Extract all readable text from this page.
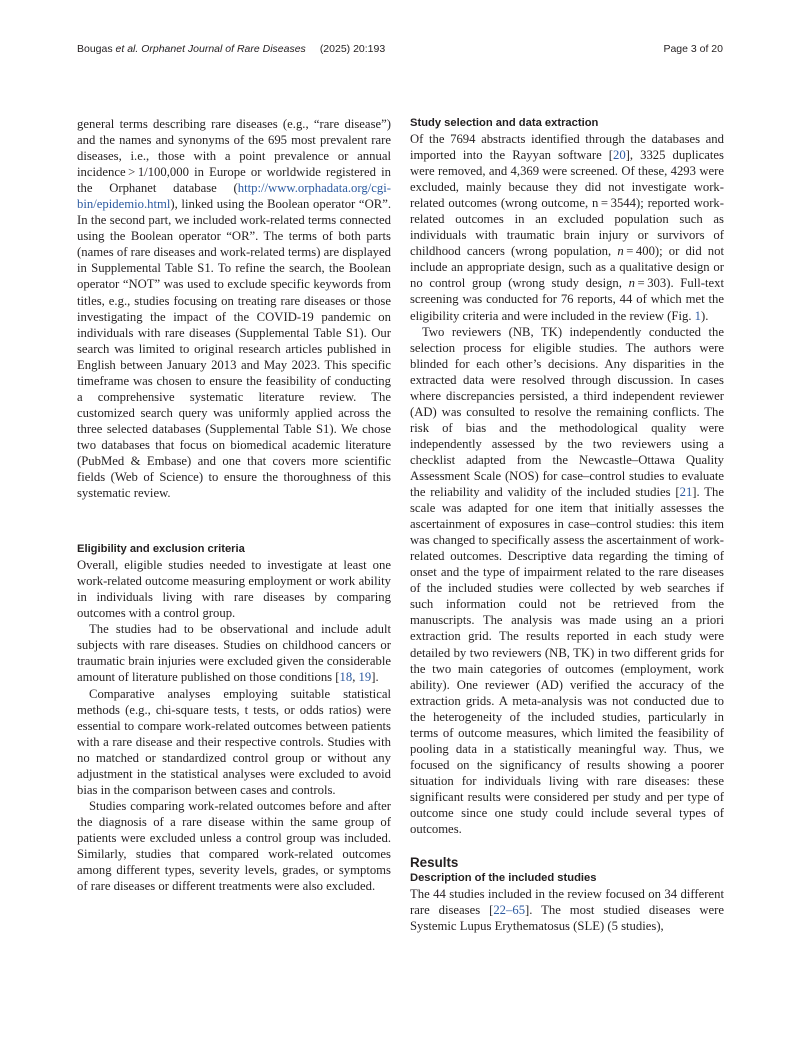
Bougas et al. Orphanet Journal of Rare Diseases (2025) 20:193	Page 3 of 20

general terms describing rare diseases (e.g., “rare disease”) and the names and synonyms of the 695 most prevalent rare diseases, i.e., those with a point prevalence or annual incidence > 1/100,000 in Europe or worldwide registered in the Orphanet database (http://www.orphadata.org/cgi-bin/epidemio.html), linked using the Boolean operator “OR”. In the second part, we included work-related terms connected using the Boolean operator “OR”. The terms of both parts (names of rare diseases and work-related terms) are displayed in Supplemental Table S1. To refine the search, the Boolean operator “NOT” was used to exclude specific keywords from titles, e.g., studies focusing on treating rare diseases or those investigating the impact of the COVID-19 pandemic on individuals with rare diseases (Supplemental Table S1). Our search was limited to original research articles published in English between January 2013 and May 2023. This specific timeframe was chosen to ensure the feasibility of conducting a comprehensive systematic literature review. The customized search query was uniformly applied across the three selected databases (Supplemental Table S1). We chose two databases that focus on biomedical academic literature (PubMed & Embase) and one that covers more scientific fields (Web of Science) to ensure the thoroughness of this systematic review.

Eligibility and exclusion criteria

Overall, eligible studies needed to investigate at least one work-related outcome measuring employment or work ability in individuals living with rare diseases by comparing outcomes with a control group.

The studies had to be observational and include adult subjects with rare diseases. Studies on childhood cancers or traumatic brain injuries were excluded given the considerable amount of literature published on those conditions [18, 19].

Comparative analyses employing suitable statistical methods (e.g., chi-square tests, t tests, or odds ratios) were essential to compare work-related outcomes between patients with a rare disease and their respective controls. Studies with no matched or standardized control group or without any adjustment in the statistical analyses were excluded to avoid bias in the comparison between cases and controls.

Studies comparing work-related outcomes before and after the diagnosis of a rare disease within the same group of patients were excluded unless a control group was included. Similarly, studies that compared work-related outcomes among different types, severity levels, grades, or symptoms of rare diseases or different treatments were also excluded.

Study selection and data extraction

Of the 7694 abstracts identified through the databases and imported into the Rayyan software [20], 3325 duplicates were removed, and 4,369 were screened. Of these, 4293 were excluded, mainly because they did not investigate work-related outcomes (wrong outcome, n = 3544); reported work-related outcomes in an excluded population such as individuals with traumatic brain injury or survivors of childhood cancers (wrong population, n = 400); or did not include an appropriate design, such as a qualitative design or no control group (wrong study design, n = 303). Full-text screening was conducted for 76 reports, 44 of which met the eligibility criteria and were included in the review (Fig. 1).

Two reviewers (NB, TK) independently conducted the selection process for eligible studies. The authors were blinded for each other’s decisions. Any disparities in the extracted data were resolved through discussion. In cases where discrepancies persisted, a third independent reviewer (AD) was consulted to resolve the remaining conflicts. The risk of bias and the methodological quality were independently assessed by the two reviewers using a checklist adapted from the Newcastle–Ottawa Quality Assessment Scale (NOS) for case–control studies to evaluate the reliability and validity of the included studies [21]. The scale was adapted for one item that initially assesses the ascertainment of exposures in case–control studies: this item was changed to specifically assess the ascertainment of work-related outcomes. Descriptive data regarding the timing of onset and the type of impairment related to the rare diseases of the included studies were collected by web searches if such information could not be retrieved from the manuscripts. The analysis was made using an a priori extraction grid. The results reported in each study were detailed by two reviewers (NB, TK) in two different grids for the two main categories of outcomes (employment, work ability). One reviewer (AD) verified the accuracy of the extraction grids. A meta-analysis was not conducted due to the heterogeneity of the included studies, particularly in terms of outcome measures, which limited the feasibility of pooling data in a statistically meaningful way. Thus, we focused on the significancy of results showing a poorer situation for individuals living with rare diseases: these significant results were considered per study and per type of outcome since one study could include several types of outcomes.

Results
Description of the included studies

The 44 studies included in the review focused on 34 different rare diseases [22–65]. The most studied diseases were Systemic Lupus Erythematosus (SLE) (5 studies),
